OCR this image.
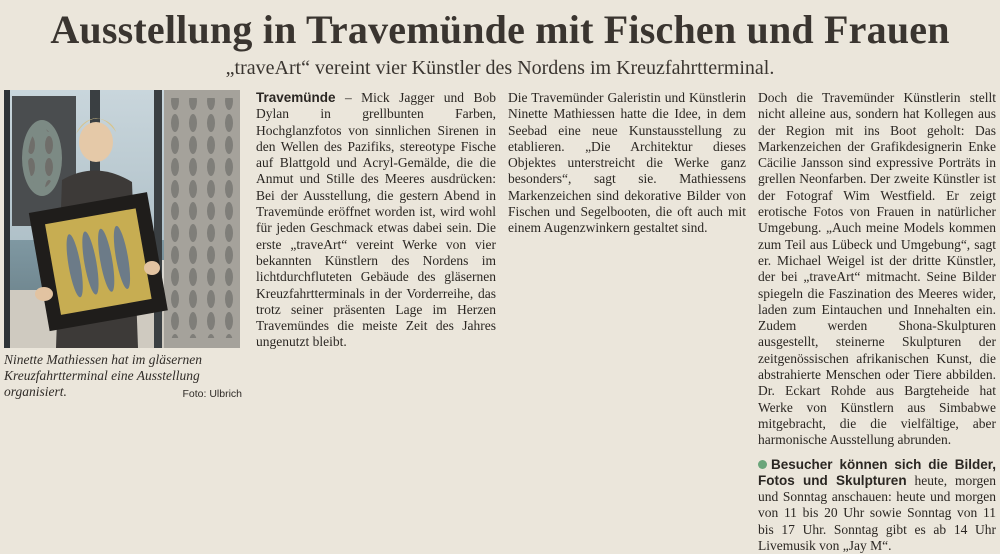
Ausstellung in Travemünde mit Fischen und Frauen
„traveArt“ vereint vier Künstler des Nordens im Kreuzfahrtterminal.
Ninette Mathiessen hat im gläsernen Kreuzfahrtterminal eine Ausstellung organisiert.	Foto: Ulbrich

Travemünde – Mick Jagger und Bob Dylan in grellbunten Farben, Hochglanzfotos von sinnlichen Sirenen in den Wellen des Pazifiks, stereotype Fische auf Blattgold und Acryl-Gemälde, die die Anmut und Stille des Meeres ausdrücken: Bei der Ausstellung, die gestern Abend in Travemünde eröffnet worden ist, wird wohl für jeden Geschmack etwas dabei sein. Die erste „traveArt“ vereint Werke von vier bekannten Künstlern des Nordens im lichtdurchfluteten Gebäude des gläsernen Kreuzfahrtterminals in der Vorderreihe, das trotz seiner präsenten Lage im Herzen Travemündes die meiste Zeit des Jahres ungenutzt bleibt.

Die Travemünder Galeristin und Künstlerin Ninette Mathiessen hatte die Idee, in dem Seebad eine neue Kunstausstellung zu etablieren. „Die Architektur dieses Objektes unterstreicht die Werke ganz besonders“, sagt sie. Mathiessens Markenzeichen sind dekorative Bilder von Fischen und Segelbooten, die oft auch mit einem Augenzwinkern gestaltet sind.

Doch die Travemünder Künstlerin stellt nicht alleine aus, sondern hat Kollegen aus der Region mit ins Boot geholt: Das Markenzeichen der Grafikdesignerin Enke Cäcilie Jansson sind expressive Porträts in grellen Neonfarben. Der zweite Künstler ist der Fotograf Wim Westfield. Er zeigt erotische Fotos von Frauen in natürlicher Umgebung. „Auch meine Models kommen zum Teil aus Lübeck und Umgebung“, sagt er. Michael Weigel ist der dritte Künstler, der bei „traveArt“ mitmacht. Seine Bilder spiegeln die Faszination des Meeres wider, laden zum Eintauchen und Innehalten ein. Zudem werden Shona-Skulpturen ausgestellt, steinerne Skulpturen der zeitgenössischen afrikanischen Kunst, die abstrahierte Menschen oder Tiere abbilden. Dr. Eckart Rohde aus Bargteheide hat Werke von Künstlern aus Simbabwe mitgebracht, die die vielfältige, aber harmonische Ausstellung abrunden.

Besucher können sich die Bilder, Fotos und Skulpturen heute, morgen und Sonntag anschauen: heute und morgen von 11 bis 20 Uhr sowie Sonntag von 11 bis 17 Uhr. Sonntag gibt es ab 14 Uhr Livemusik von „Jay M“.
